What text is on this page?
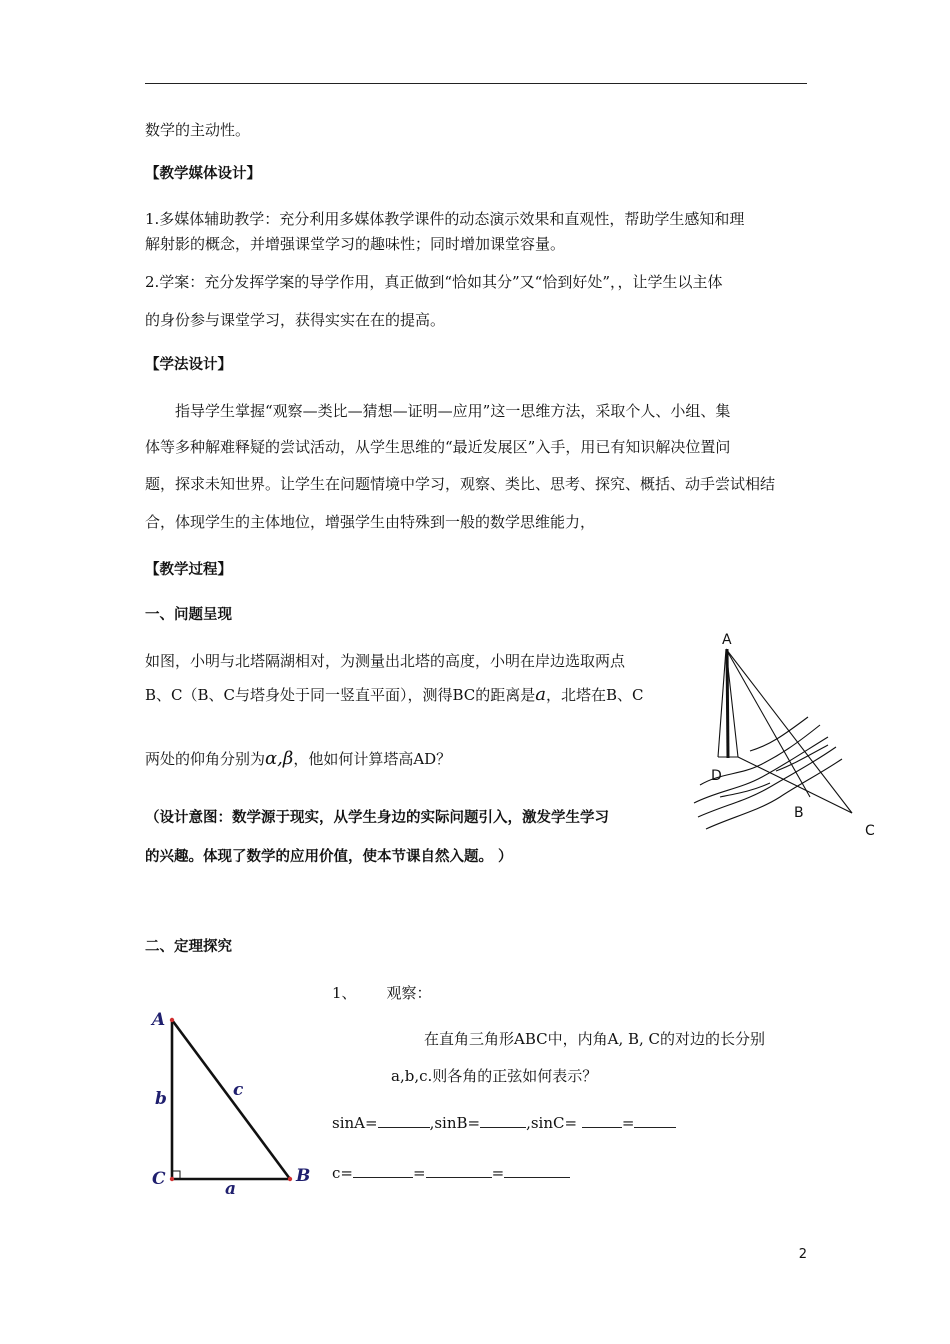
数学的主动性。
【教学媒体设计】
1.多媒体辅助教学：充分利用多媒体教学课件的动态演示效果和直观性，帮助学生感知和理
解射影的概念，并增强课堂学习的趣味性；同时增加课堂容量。
2.学案：充分发挥学案的导学作用，真正做到“恰如其分”又“恰到好处”，，让学生以主体
的身份参与课堂学习，获得实实在在的提高。
【学法设计】
指导学生掌握“观察—类比—猜想—证明—应用”这一思维方法，采取个人、小组、集
体等多种解难释疑的尝试活动，从学生思维的“最近发展区”入手，用已有知识解决位置问
题，探求未知世界。让学生在问题情境中学习，观察、类比、思考、探究、概括、动手尝试相结
合，体现学生的主体地位，增强学生由特殊到一般的数学思维能力，
【教学过程】
一、问题呈现
如图，小明与北塔隔湖相对，为测量出北塔的高度，小明在岸边选取两点
B、C（B、C与塔身处于同一竖直平面），测得BC的距离是a，北塔在B、C
两处的仰角分别为α,β，他如何计算塔高AD？
（设计意图：数学源于现实，从学生身边的实际问题引入，激发学生学习
的兴趣。体现了数学的应用价值，使本节课自然入题。 ）
A
D
B
C
二、定理探究
A
C	B
b	c
a
1、 观察：
在直角三角形ABC中，内角A, B, C的对边的长分别
a,b,c.则各角的正弦如何表示？
sinA=	,sinB=	,sinC=	=
c=	=	=
2
